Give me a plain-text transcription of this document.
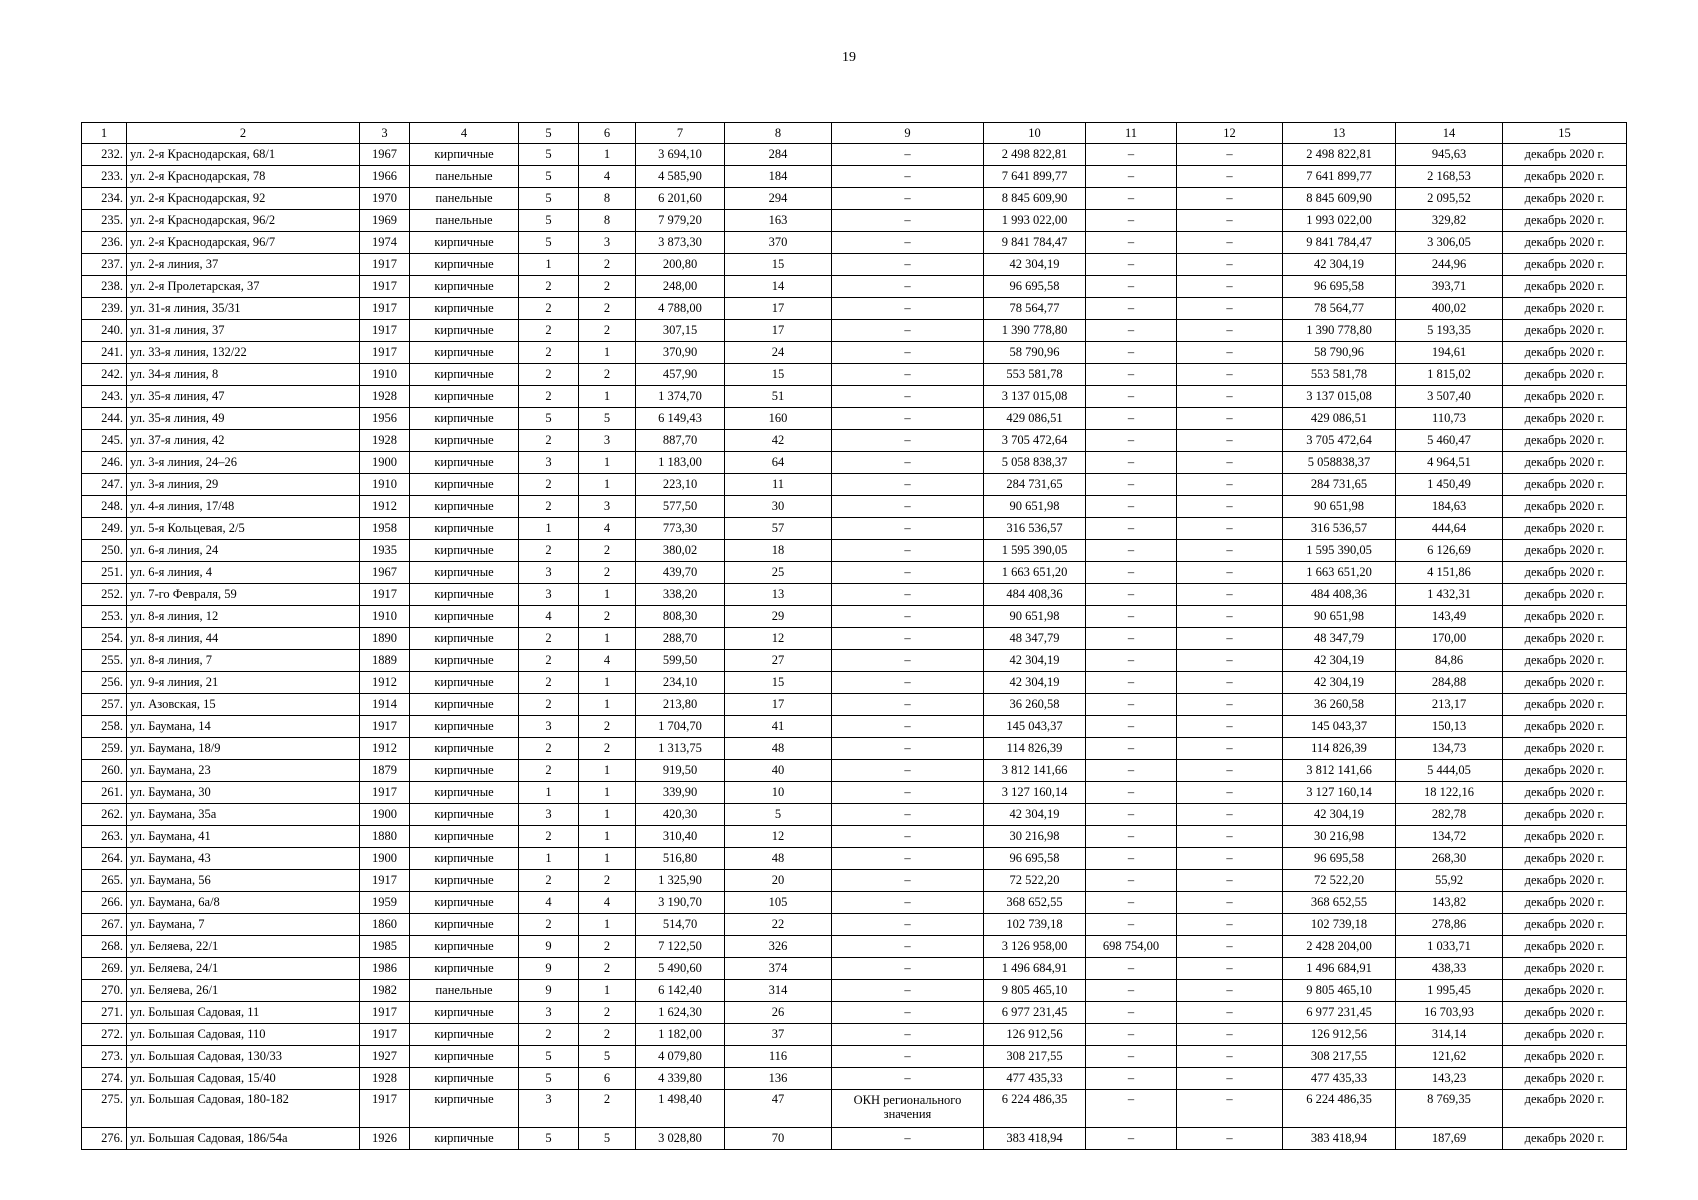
19
1	2	3	4	5	6	7	8	9	10	11	12	13	14	15
232.	ул. 2-я Краснодарская, 68/1	1967	кирпичные	5	1	3 694,10	284	–	2 498 822,81	–	–	2 498 822,81	945,63	декабрь 2020 г.
233.	ул. 2-я Краснодарская, 78	1966	панельные	5	4	4 585,90	184	–	7 641 899,77	–	–	7 641 899,77	2 168,53	декабрь 2020 г.
234.	ул. 2-я Краснодарская, 92	1970	панельные	5	8	6 201,60	294	–	8 845 609,90	–	–	8 845 609,90	2 095,52	декабрь 2020 г.
235.	ул. 2-я Краснодарская, 96/2	1969	панельные	5	8	7 979,20	163	–	1 993 022,00	–	–	1 993 022,00	329,82	декабрь 2020 г.
236.	ул. 2-я Краснодарская, 96/7	1974	кирпичные	5	3	3 873,30	370	–	9 841 784,47	–	–	9 841 784,47	3 306,05	декабрь 2020 г.
237.	ул. 2-я линия, 37	1917	кирпичные	1	2	200,80	15	–	42 304,19	–	–	42 304,19	244,96	декабрь 2020 г.
238.	ул. 2-я Пролетарская, 37	1917	кирпичные	2	2	248,00	14	–	96 695,58	–	–	96 695,58	393,71	декабрь 2020 г.
239.	ул. 31-я линия, 35/31	1917	кирпичные	2	2	4 788,00	17	–	78 564,77	–	–	78 564,77	400,02	декабрь 2020 г.
240.	ул. 31-я линия, 37	1917	кирпичные	2	2	307,15	17	–	1 390 778,80	–	–	1 390 778,80	5 193,35	декабрь 2020 г.
241.	ул. 33-я линия, 132/22	1917	кирпичные	2	1	370,90	24	–	58 790,96	–	–	58 790,96	194,61	декабрь 2020 г.
242.	ул. 34-я линия, 8	1910	кирпичные	2	2	457,90	15	–	553 581,78	–	–	553 581,78	1 815,02	декабрь 2020 г.
243.	ул. 35-я линия, 47	1928	кирпичные	2	1	1 374,70	51	–	3 137 015,08	–	–	3 137 015,08	3 507,40	декабрь 2020 г.
244.	ул. 35-я линия, 49	1956	кирпичные	5	5	6 149,43	160	–	429 086,51	–	–	429 086,51	110,73	декабрь 2020 г.
245.	ул. 37-я линия, 42	1928	кирпичные	2	3	887,70	42	–	3 705 472,64	–	–	3 705 472,64	5 460,47	декабрь 2020 г.
246.	ул. 3-я линия, 24–26	1900	кирпичные	3	1	1 183,00	64	–	5 058 838,37	–	–	5 058838,37	4 964,51	декабрь 2020 г.
247.	ул. 3-я линия, 29	1910	кирпичные	2	1	223,10	11	–	284 731,65	–	–	284 731,65	1 450,49	декабрь 2020 г.
248.	ул. 4-я линия, 17/48	1912	кирпичные	2	3	577,50	30	–	90 651,98	–	–	90 651,98	184,63	декабрь 2020 г.
249.	ул. 5-я Кольцевая, 2/5	1958	кирпичные	1	4	773,30	57	–	316 536,57	–	–	316 536,57	444,64	декабрь 2020 г.
250.	ул. 6-я линия, 24	1935	кирпичные	2	2	380,02	18	–	1 595 390,05	–	–	1 595 390,05	6 126,69	декабрь 2020 г.
251.	ул. 6-я линия, 4	1967	кирпичные	3	2	439,70	25	–	1 663 651,20	–	–	1 663 651,20	4 151,86	декабрь 2020 г.
252.	ул. 7-го Февраля, 59	1917	кирпичные	3	1	338,20	13	–	484 408,36	–	–	484 408,36	1 432,31	декабрь 2020 г.
253.	ул. 8-я линия, 12	1910	кирпичные	4	2	808,30	29	–	90 651,98	–	–	90 651,98	143,49	декабрь 2020 г.
254.	ул. 8-я линия, 44	1890	кирпичные	2	1	288,70	12	–	48 347,79	–	–	48 347,79	170,00	декабрь 2020 г.
255.	ул. 8-я линия, 7	1889	кирпичные	2	4	599,50	27	–	42 304,19	–	–	42 304,19	84,86	декабрь 2020 г.
256.	ул. 9-я линия, 21	1912	кирпичные	2	1	234,10	15	–	42 304,19	–	–	42 304,19	284,88	декабрь 2020 г.
257.	ул. Азовская, 15	1914	кирпичные	2	1	213,80	17	–	36 260,58	–	–	36 260,58	213,17	декабрь 2020 г.
258.	ул. Баумана, 14	1917	кирпичные	3	2	1 704,70	41	–	145 043,37	–	–	145 043,37	150,13	декабрь 2020 г.
259.	ул. Баумана, 18/9	1912	кирпичные	2	2	1 313,75	48	–	114 826,39	–	–	114 826,39	134,73	декабрь 2020 г.
260.	ул. Баумана, 23	1879	кирпичные	2	1	919,50	40	–	3 812 141,66	–	–	3 812 141,66	5 444,05	декабрь 2020 г.
261.	ул. Баумана, 30	1917	кирпичные	1	1	339,90	10	–	3 127 160,14	–	–	3 127 160,14	18 122,16	декабрь 2020 г.
262.	ул. Баумана, 35а	1900	кирпичные	3	1	420,30	5	–	42 304,19	–	–	42 304,19	282,78	декабрь 2020 г.
263.	ул. Баумана, 41	1880	кирпичные	2	1	310,40	12	–	30 216,98	–	–	30 216,98	134,72	декабрь 2020 г.
264.	ул. Баумана, 43	1900	кирпичные	1	1	516,80	48	–	96 695,58	–	–	96 695,58	268,30	декабрь 2020 г.
265.	ул. Баумана, 56	1917	кирпичные	2	2	1 325,90	20	–	72 522,20	–	–	72 522,20	55,92	декабрь 2020 г.
266.	ул. Баумана, 6а/8	1959	кирпичные	4	4	3 190,70	105	–	368 652,55	–	–	368 652,55	143,82	декабрь 2020 г.
267.	ул. Баумана, 7	1860	кирпичные	2	1	514,70	22	–	102 739,18	–	–	102 739,18	278,86	декабрь 2020 г.
268.	ул. Беляева, 22/1	1985	кирпичные	9	2	7 122,50	326	–	3 126 958,00	698 754,00	–	2 428 204,00	1 033,71	декабрь 2020 г.
269.	ул. Беляева, 24/1	1986	кирпичные	9	2	5 490,60	374	–	1 496 684,91	–	–	1 496 684,91	438,33	декабрь 2020 г.
270.	ул. Беляева, 26/1	1982	панельные	9	1	6 142,40	314	–	9 805 465,10	–	–	9 805 465,10	1 995,45	декабрь 2020 г.
271.	ул. Большая Садовая, 11	1917	кирпичные	3	2	1 624,30	26	–	6 977 231,45	–	–	6 977 231,45	16 703,93	декабрь 2020 г.
272.	ул. Большая Садовая, 110	1917	кирпичные	2	2	1 182,00	37	–	126 912,56	–	–	126 912,56	314,14	декабрь 2020 г.
273.	ул. Большая Садовая, 130/33	1927	кирпичные	5	5	4 079,80	116	–	308 217,55	–	–	308 217,55	121,62	декабрь 2020 г.
274.	ул. Большая Садовая, 15/40	1928	кирпичные	5	6	4 339,80	136	–	477 435,33	–	–	477 435,33	143,23	декабрь 2020 г.
275.	ул. Большая Садовая, 180-182	1917	кирпичные	3	2	1 498,40	47	ОКН регионального значения	6 224 486,35	–	–	6 224 486,35	8 769,35	декабрь 2020 г.
276.	ул. Большая Садовая, 186/54а	1926	кирпичные	5	5	3 028,80	70	–	383 418,94	–	–	383 418,94	187,69	декабрь 2020 г.
